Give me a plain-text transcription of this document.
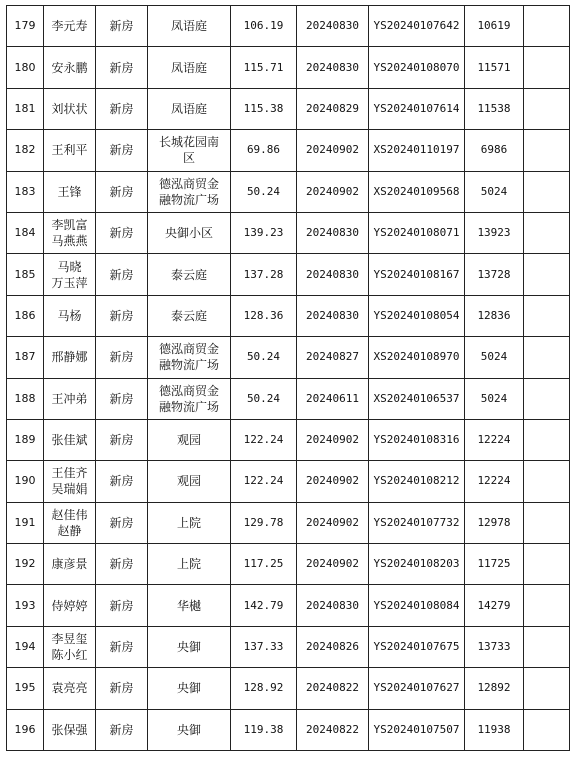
179	李元寿	新房	凤语庭	106.19	20240830	YS20240107642	10619	
180	安永鹏	新房	凤语庭	115.71	20240830	YS20240108070	11571	
181	刘状状	新房	凤语庭	115.38	20240829	YS20240107614	11538	
182	王利平	新房	长城花园南
区	69.86	20240902	XS20240110197	6986	
183	王锋	新房	德泓商贸金
融物流广场	50.24	20240902	XS20240109568	5024	
184	李凯富
马燕燕	新房	央御小区	139.23	20240830	YS20240108071	13923	
185	马晓
万玉萍	新房	泰云庭	137.28	20240830	YS20240108167	13728	
186	马杨	新房	泰云庭	128.36	20240830	YS20240108054	12836	
187	邢静娜	新房	德泓商贸金
融物流广场	50.24	20240827	XS20240108970	5024	
188	王冲弟	新房	德泓商贸金
融物流广场	50.24	20240611	XS20240106537	5024	
189	张佳斌	新房	观园	122.24	20240902	YS20240108316	12224	
190	王佳齐
吴瑞娟	新房	观园	122.24	20240902	YS20240108212	12224	
191	赵佳伟
赵静	新房	上院	129.78	20240902	YS20240107732	12978	
192	康彦景	新房	上院	117.25	20240902	YS20240108203	11725	
193	侍婷婷	新房	华樾	142.79	20240830	YS20240108084	14279	
194	李昱玺
陈小红	新房	央御	137.33	20240826	YS20240107675	13733	
195	袁亮亮	新房	央御	128.92	20240822	YS20240107627	12892	
196	张保强	新房	央御	119.38	20240822	YS20240107507	11938	
